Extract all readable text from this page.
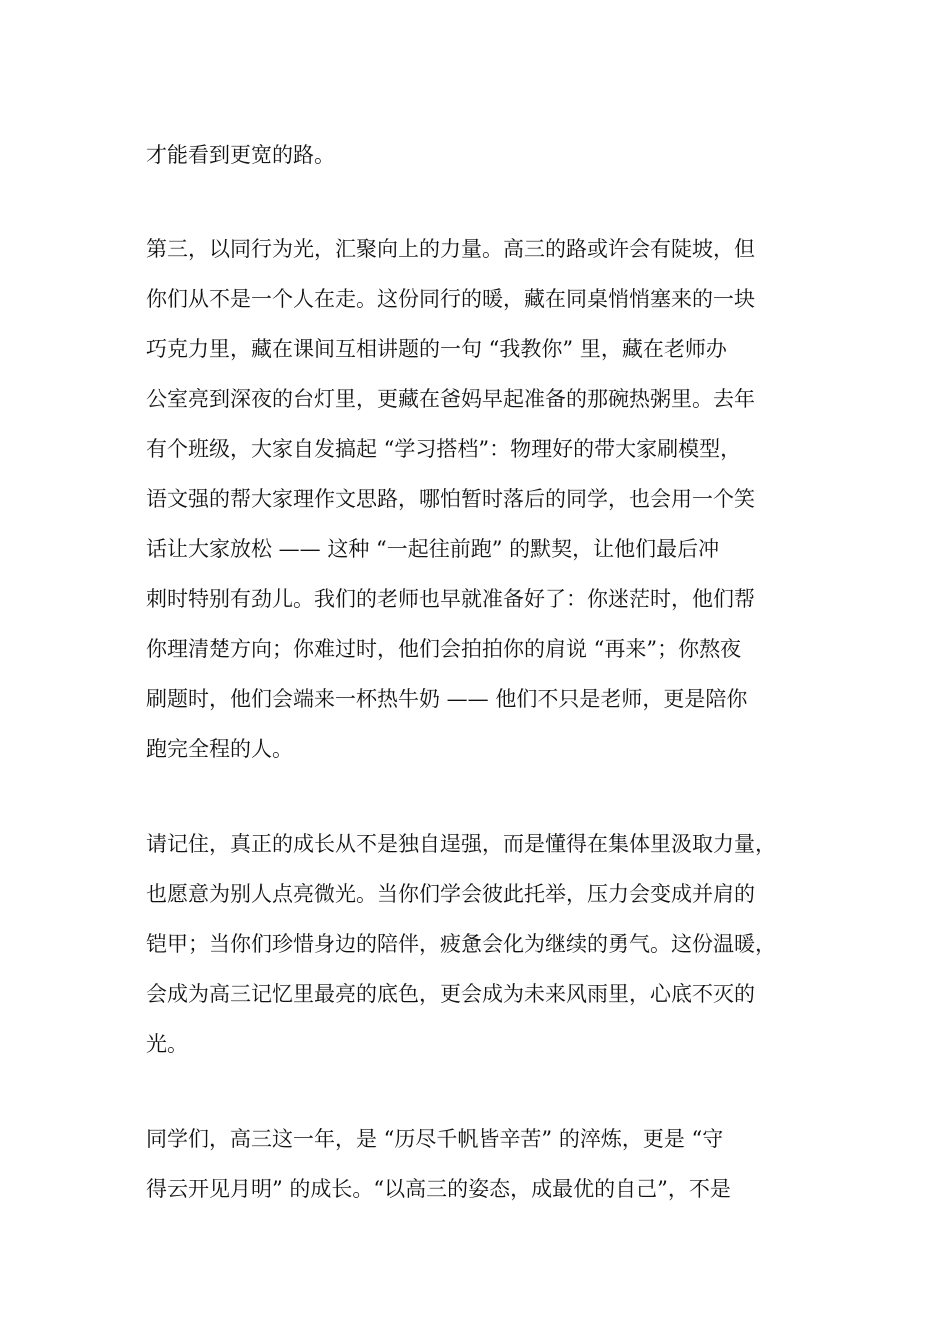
才能看到更宽的路。
第三，以同行为光，汇聚向上的力量。高三的路或许会有陡坡，但
你们从不是一个人在走。这份同行的暖，藏在同桌悄悄塞来的一块
巧克力里，藏在课间互相讲题的一句 “我教你” 里，藏在老师办
公室亮到深夜的台灯里，更藏在爸妈早起准备的那碗热粥里。去年
有个班级，大家自发搞起 “学习搭档”：物理好的带大家刷模型，
语文强的帮大家理作文思路，哪怕暂时落后的同学，也会用一个笑
话让大家放松 —— 这种 “一起往前跑” 的默契，让他们最后冲
刺时特别有劲儿。我们的老师也早就准备好了：你迷茫时，他们帮
你理清楚方向；你难过时，他们会拍拍你的肩说 “再来”；你熬夜
刷题时，他们会端来一杯热牛奶 —— 他们不只是老师，更是陪你
跑完全程的人。
请记住，真正的成长从不是独自逞强，而是懂得在集体里汲取力量，
也愿意为别人点亮微光。当你们学会彼此托举，压力会变成并肩的
铠甲；当你们珍惜身边的陪伴，疲惫会化为继续的勇气。这份温暖，
会成为高三记忆里最亮的底色，更会成为未来风雨里，心底不灭的
光。
同学们，高三这一年，是 “历尽千帆皆辛苦” 的淬炼，更是 “守
得云开见月明” 的成长。“以高三的姿态，成最优的自己”，不是
